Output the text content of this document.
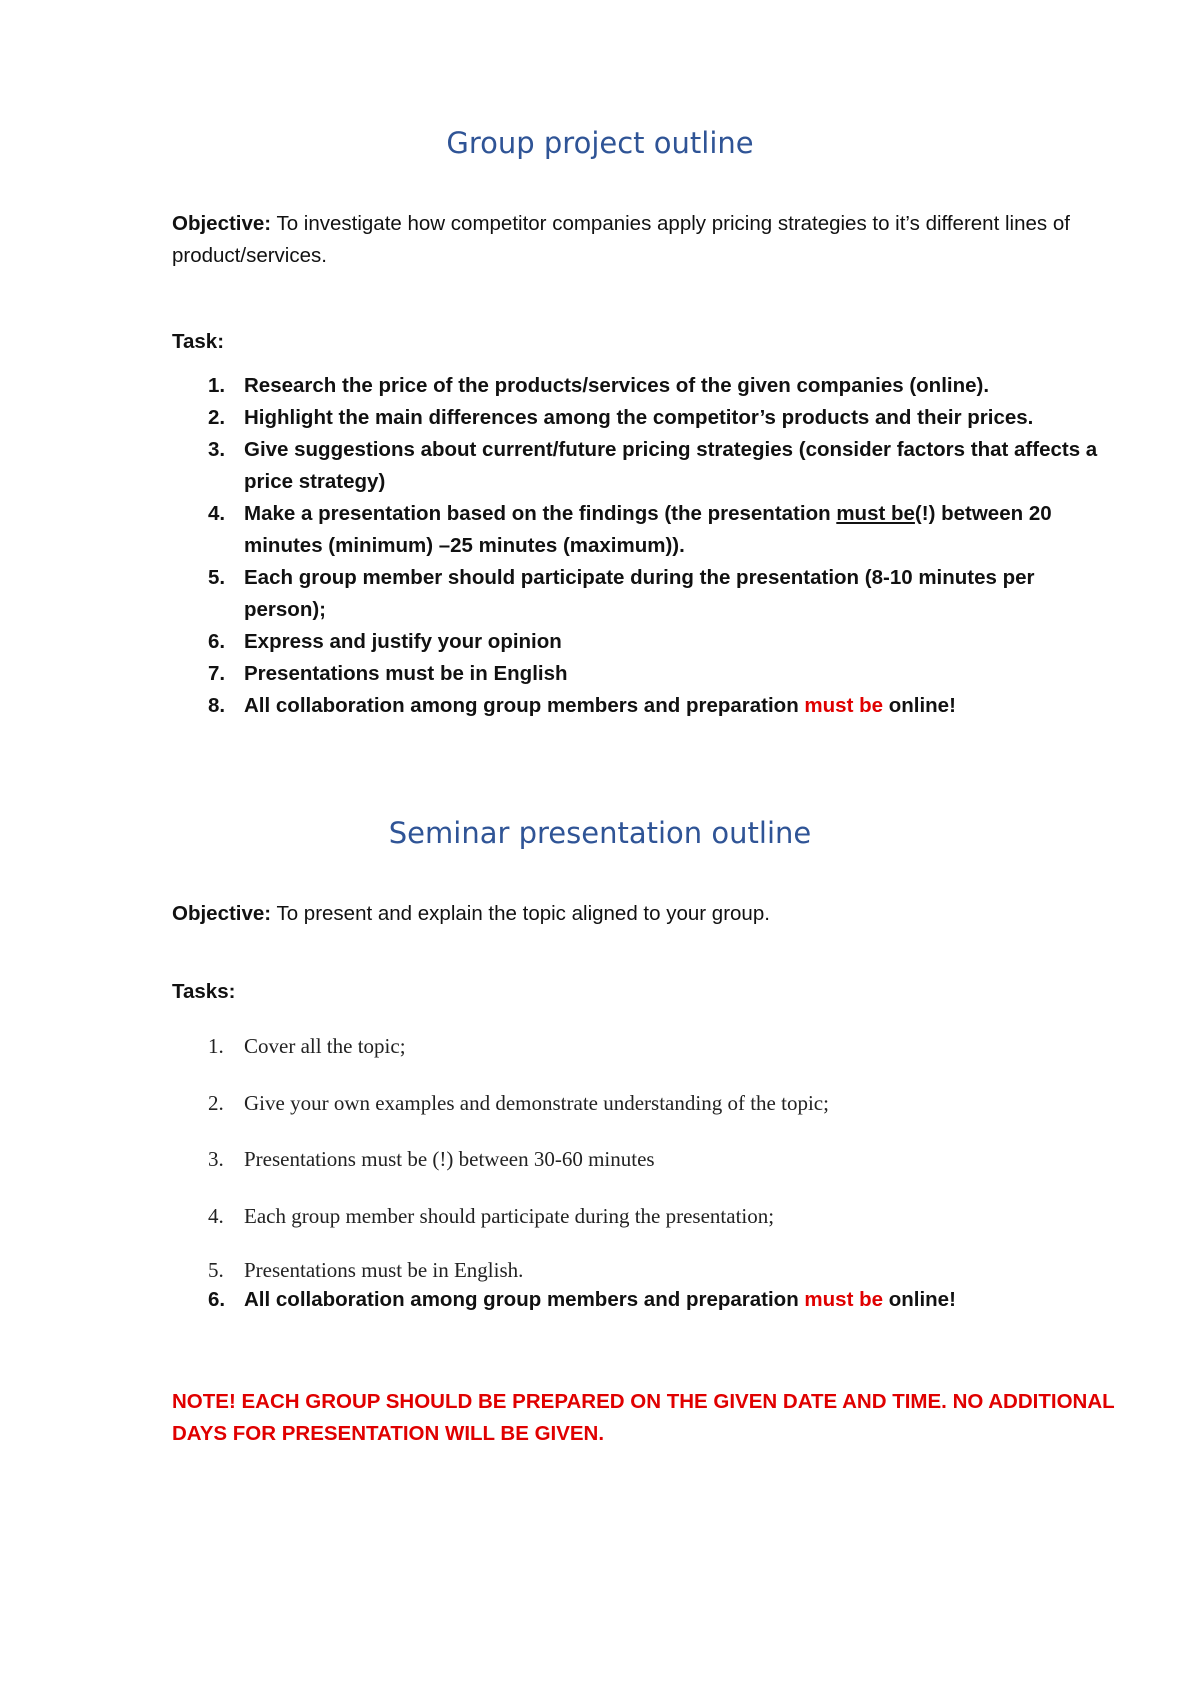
Group project outline

Objective: To investigate how competitor companies apply pricing strategies to it’s different lines of product/services.

Task:

1. Research the price of the products/services of the given companies (online).
2. Highlight the main differences among the competitor’s products and their prices.
3. Give suggestions about current/future pricing strategies (consider factors that affects a price strategy)
4. Make a presentation based on the findings (the presentation must be(!) between 20 minutes (minimum) –25 minutes (maximum)).
5. Each group member should participate during the presentation (8-10 minutes per person);
6. Express and justify your opinion
7. Presentations must be in English
8. All collaboration among group members and preparation must be online!
Seminar presentation outline

Objective: To present and explain the topic aligned to your group.

Tasks:

1. Cover all the topic;
2. Give your own examples and demonstrate understanding of the topic;
3. Presentations must be (!) between 30-60 minutes
4. Each group member should participate during the presentation;
5. Presentations must be in English.
6. All collaboration among group members and preparation must be online!

NOTE! EACH GROUP SHOULD BE PREPARED ON THE GIVEN DATE AND TIME. NO ADDITIONAL DAYS FOR PRESENTATION WILL BE GIVEN.
